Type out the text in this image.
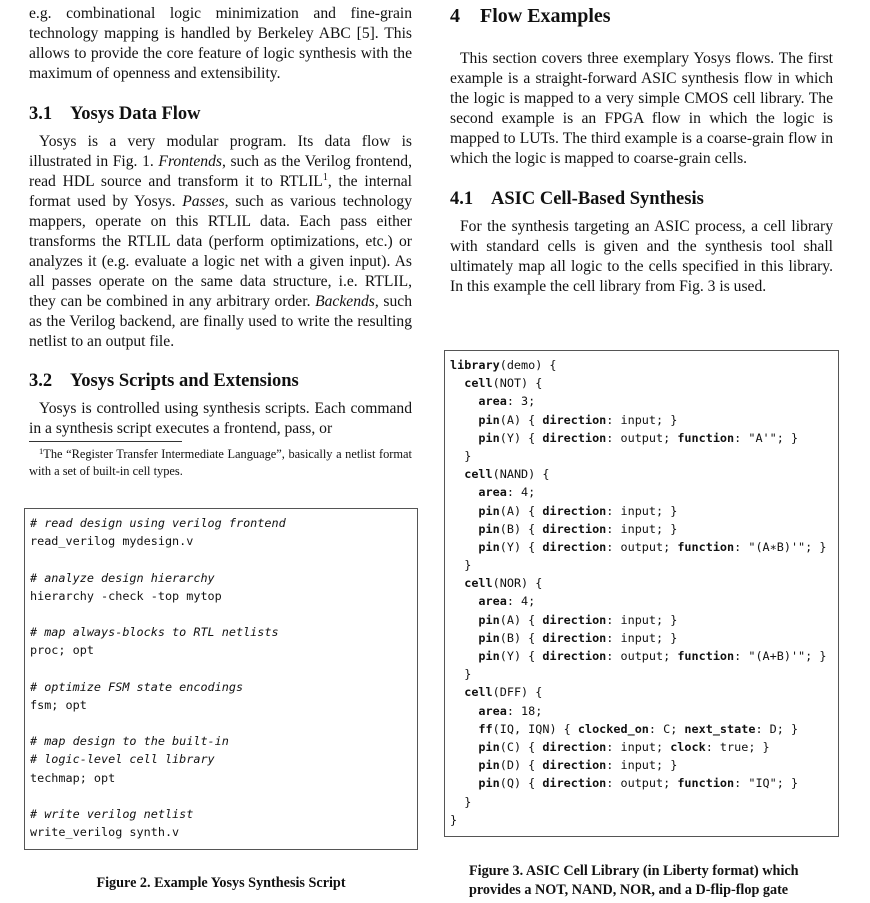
e.g. combinational logic minimization and fine-grain technology mapping is handled by Berkeley ABC [5]. This allows to provide the core feature of logic synthesis with the maximum of openness and extensibility.

3.1 Yosys Data Flow

Yosys is a very modular program. Its data flow is illustrated in Fig. 1. Frontends, such as the Verilog frontend, read HDL source and transform it to RTLIL$^1$, the internal format used by Yosys. Passes, such as various technology mappers, operate on this RTLIL data. Each pass either transforms the RTLIL data (perform optimizations, etc.) or analyzes it (e.g. evaluate a logic net with a given input). As all passes operate on the same data structure, i.e. RTLIL, they can be combined in any arbitrary order. Backends, such as the Verilog backend, are finally used to write the resulting netlist to an output file.

3.2 Yosys Scripts and Extensions

Yosys is controlled using synthesis scripts. Each command in a synthesis script executes a frontend, pass, or

$^1$The “Register Transfer Intermediate Language”, basically a netlist format with a set of built-in cell types.
# read design using verilog frontend
read_verilog mydesign.v
# analyze design hierarchy
hierarchy -check -top mytop
# map always-blocks to RTL netlists
proc; opt
# optimize FSM state encodings
fsm; opt
# map design to the built-in
# logic-level cell library
techmap; opt
# write verilog netlist
write_verilog synth.v
Figure 2. Example Yosys Synthesis Script
4 Flow Examples

This section covers three exemplary Yosys flows. The first example is a straight-forward ASIC synthesis flow in which the logic is mapped to a very simple CMOS cell library. The second example is an FPGA flow in which the logic is mapped to LUTs. The third example is a coarse-grain flow in which the logic is mapped to coarse-grain cells.

4.1 ASIC Cell-Based Synthesis

For the synthesis targeting an ASIC process, a cell library with standard cells is given and the synthesis tool shall ultimately map all logic to the cells specified in this library. In this example the cell library from Fig. 3 is used.

library(demo) {
cell(NOT) {
area: 3;
pin(A) { direction: input; }
pin(Y) { direction: output; function: "A'"; }
}
cell(NAND) {
area: 4;
pin(A) { direction: input; }
pin(B) { direction: input; }
pin(Y) { direction: output; function: "(A∗B)'"; }
}
cell(NOR) {
area: 4;
pin(A) { direction: input; }
pin(B) { direction: input; }
pin(Y) { direction: output; function: "(A+B)'"; }
}
cell(DFF) {
area: 18;
ff(IQ, IQN) { clocked_on: C; next_state: D; }
pin(C) { direction: input; clock: true; }
pin(D) { direction: input; }
pin(Q) { direction: output; function: "IQ"; }
}
}
Figure 3. ASIC Cell Library (in Liberty format) which
provides a NOT, NAND, NOR, and a D-flip-flop gate
